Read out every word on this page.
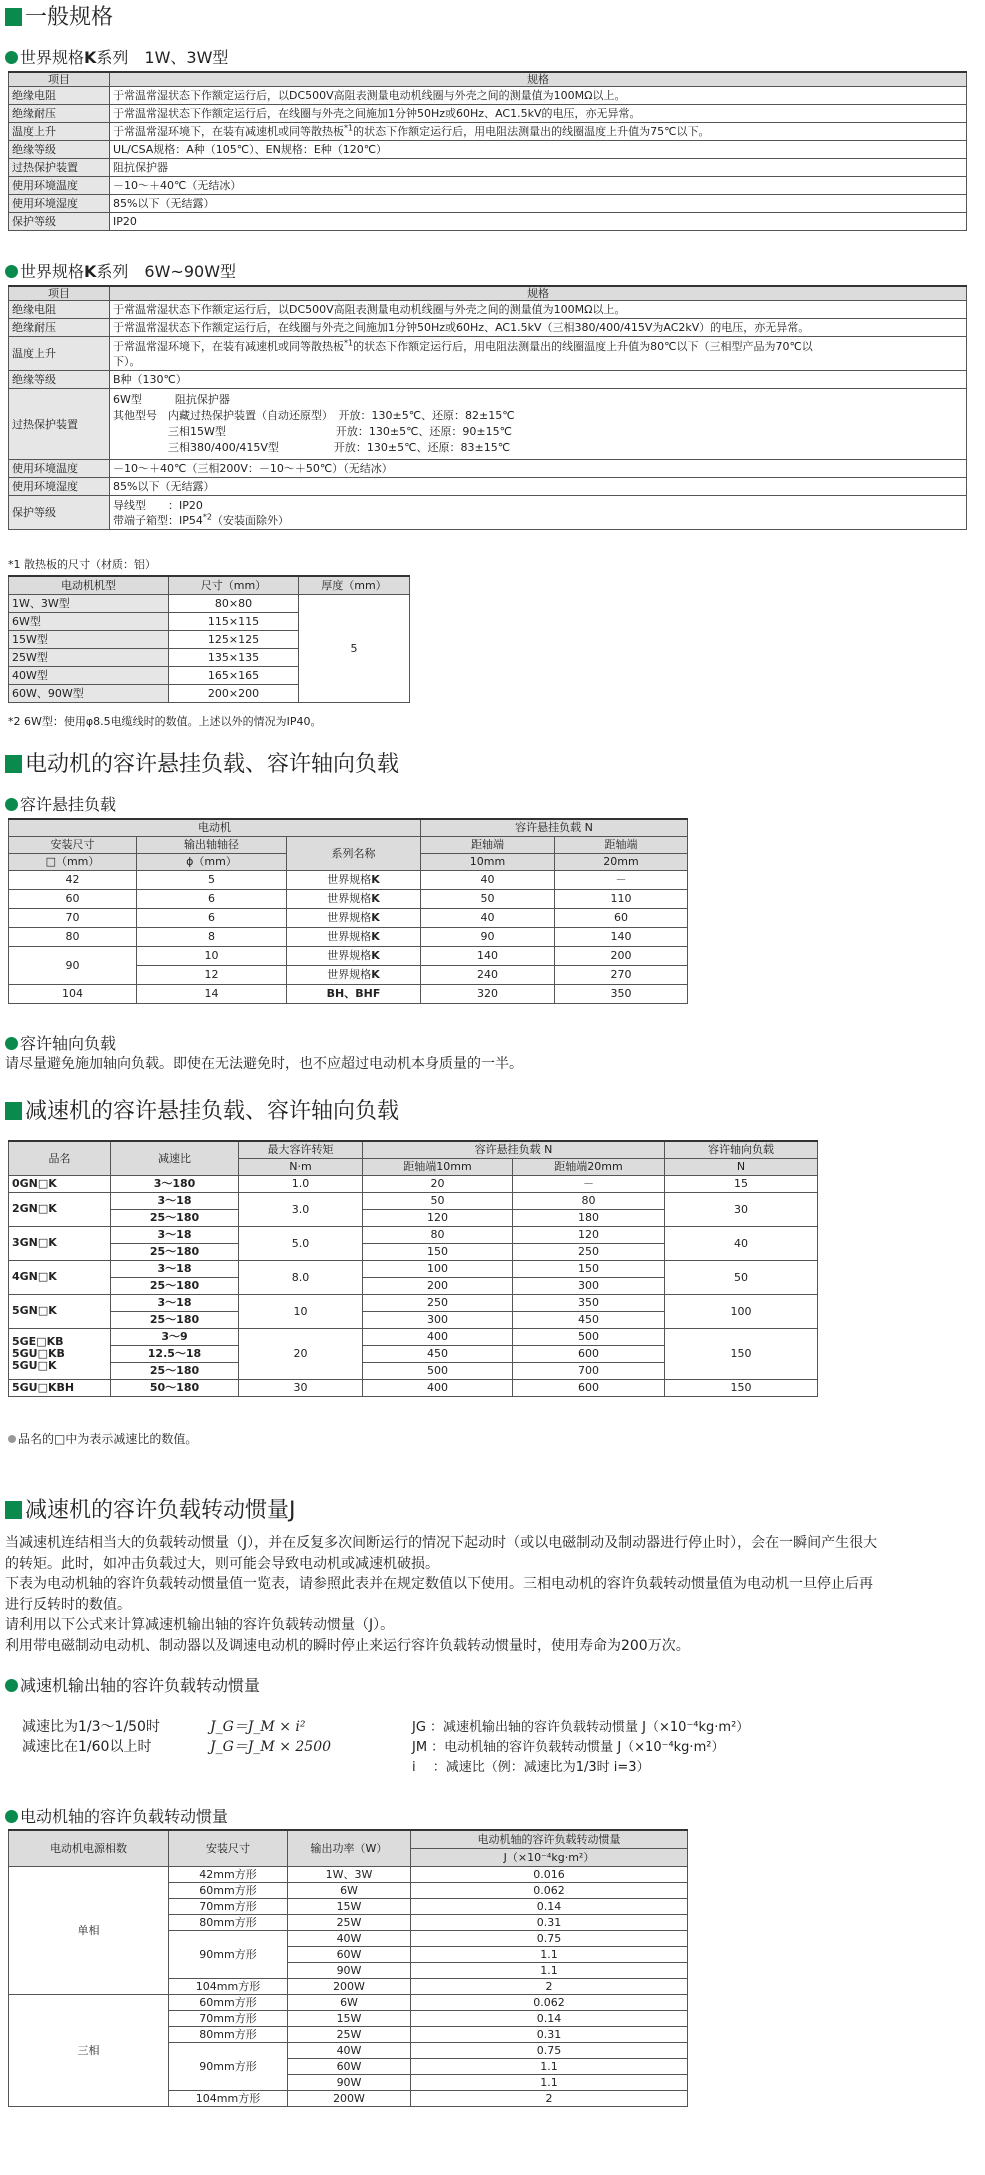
一般规格
世界规格K系列　1W、3W型
项目	规格
绝缘电阻	于常温常湿状态下作额定运行后，以DC500V高阻表测量电动机线圈与外壳之间的测量值为100MΩ以上。
绝缘耐压	于常温常湿状态下作额定运行后，在线圈与外壳之间施加1分钟50Hz或60Hz、AC1.5kV的电压，亦无异常。
温度上升	于常温常湿环境下，在装有减速机或同等散热板$^{*1}$的状态下作额定运行后，用电阻法测量出的线圈温度上升值为75℃以下。
绝缘等级	UL/CSA规格：A种（105℃）、EN规格：E种（120℃）
过热保护装置	阻抗保护器
使用环境温度	－10～＋40℃（无结冰）
使用环境湿度	85%以下（无结露）
保护等级	IP20
世界规格K系列　6W~90W型
项目	规格
绝缘电阻	于常温常湿状态下作额定运行后，以DC500V高阻表测量电动机线圈与外壳之间的测量值为100MΩ以上。
绝缘耐压	于常温常湿状态下作额定运行后，在线圈与外壳之间施加1分钟50Hz或60Hz、AC1.5kV（三相380/400/415V为AC2kV）的电压，亦无异常。
温度上升	于常温常湿环境下，在装有减速机或同等散热板$^{*1}$的状态下作额定运行后，用电阻法测量出的线圈温度上升值为80℃以下（三相型产品为70℃以
下）。
绝缘等级	B种（130℃）
过热保护装置	6W型　　　阻抗保护器
其他型号　内藏过热保护装置（自动还原型）　开放：130±5℃、还原：82±15℃
　　　　　三相15W型　　　　　　　　　　开放：130±5℃、还原：90±15℃
　　　　　三相380/400/415V型　　　　　开放：130±5℃、还原：83±15℃
使用环境温度	－10～＋40℃（三相200V：－10～＋50℃）（无结冰）
使用环境湿度	85%以下（无结露）
保护等级	导线型　　：IP20
带端子箱型：IP54$^{*2}$（安装面除外）
*1 散热板的尺寸（材质：铝）
电动机机型	尺寸（mm）	厚度（mm）
1W、3W型	80×80	5
6W型	115×115	
15W型	125×125	
25W型	135×135	
40W型	165×165	
60W、90W型	200×200	
*2 6W型：使用φ8.5电缆线时的数值。上述以外的情况为IP40。
电动机的容许悬挂负载、容许轴向负载
容许悬挂负载
电动机			容许悬挂负载 N	
安装尺寸	输出轴轴径	系列名称	距轴端	距轴端
□（mm）	ϕ（mm）		10mm	20mm
42	5	世界规格K	40	－
60	6	世界规格K	50	110
70	6	世界规格K	40	60
80	8	世界规格K	90	140
90	10	世界规格K	140	200
	12	世界规格K	240	270
104	14	BH、BHF	320	350
容许轴向负载
请尽量避免施加轴向负载。即使在无法避免时，也不应超过电动机本身质量的一半。
减速机的容许悬挂负载、容许轴向负载
品名	减速比	最大容许转矩	容许悬挂负载 N		容许轴向负载
		N·m	距轴端10mm	距轴端20mm	N
0GN□K	3～180	1.0	20	－	15
2GN□K	3～18	3.0	50	80	30
	25～180		120	180	
3GN□K	3～18	5.0	80	120	40
	25～180		150	250	
4GN□K	3～18	8.0	100	150	50
	25～180		200	300	
5GN□K	3～18	10	250	350	100
	25～180		300	450	
5GE□KB
5GU□KB
5GU□K	3～9	20	400	500	150
	12.5～18		450	600	
	25～180		500	700	
5GU□KBH	50～180	30	400	600	150
品名的□中为表示减速比的数值。
减速机的容许负载转动惯量J
当减速机连结相当大的负载转动惯量（J），并在反复多次间断运行的情况下起动时（或以电磁制动及制动器进行停止时），会在一瞬间产生很大
的转矩。此时，如冲击负载过大，则可能会导致电动机或减速机破损。
下表为电动机轴的容许负载转动惯量值一览表，请参照此表并在规定数值以下使用。三相电动机的容许负载转动惯量值为电动机一旦停止后再
进行反转时的数值。
请利用以下公式来计算减速机输出轴的容许负载转动惯量（J）。
利用带电磁制动电动机、制动器以及调速电动机的瞬时停止来运行容许负载转动惯量时，使用寿命为200万次。
减速机输出轴的容许负载转动惯量
减速比为1/3～1/50时
减速比在1/60以上时
J_G＝J_M × i²
J_G＝J_M × 2500
JG ：减速机输出轴的容许负载转动惯量 J（×10⁻⁴kg·m²）
JM ：电动机轴的容许负载转动惯量 J（×10⁻⁴kg·m²）
i 　：减速比（例：减速比为1/3时 i=3）
电动机轴的容许负载转动惯量
电动机电源相数	安装尺寸	输出功率（W）	电动机轴的容许负载转动惯量
			J（×10⁻⁴kg·m²）
单相	42mm方形	1W、3W	0.016
	60mm方形	6W	0.062
	70mm方形	15W	0.14
	80mm方形	25W	0.31
	90mm方形	40W	0.75
		60W	1.1
		90W	1.1
	104mm方形	200W	2
三相	60mm方形	6W	0.062
	70mm方形	15W	0.14
	80mm方形	25W	0.31
	90mm方形	40W	0.75
		60W	1.1
		90W	1.1
	104mm方形	200W	2
